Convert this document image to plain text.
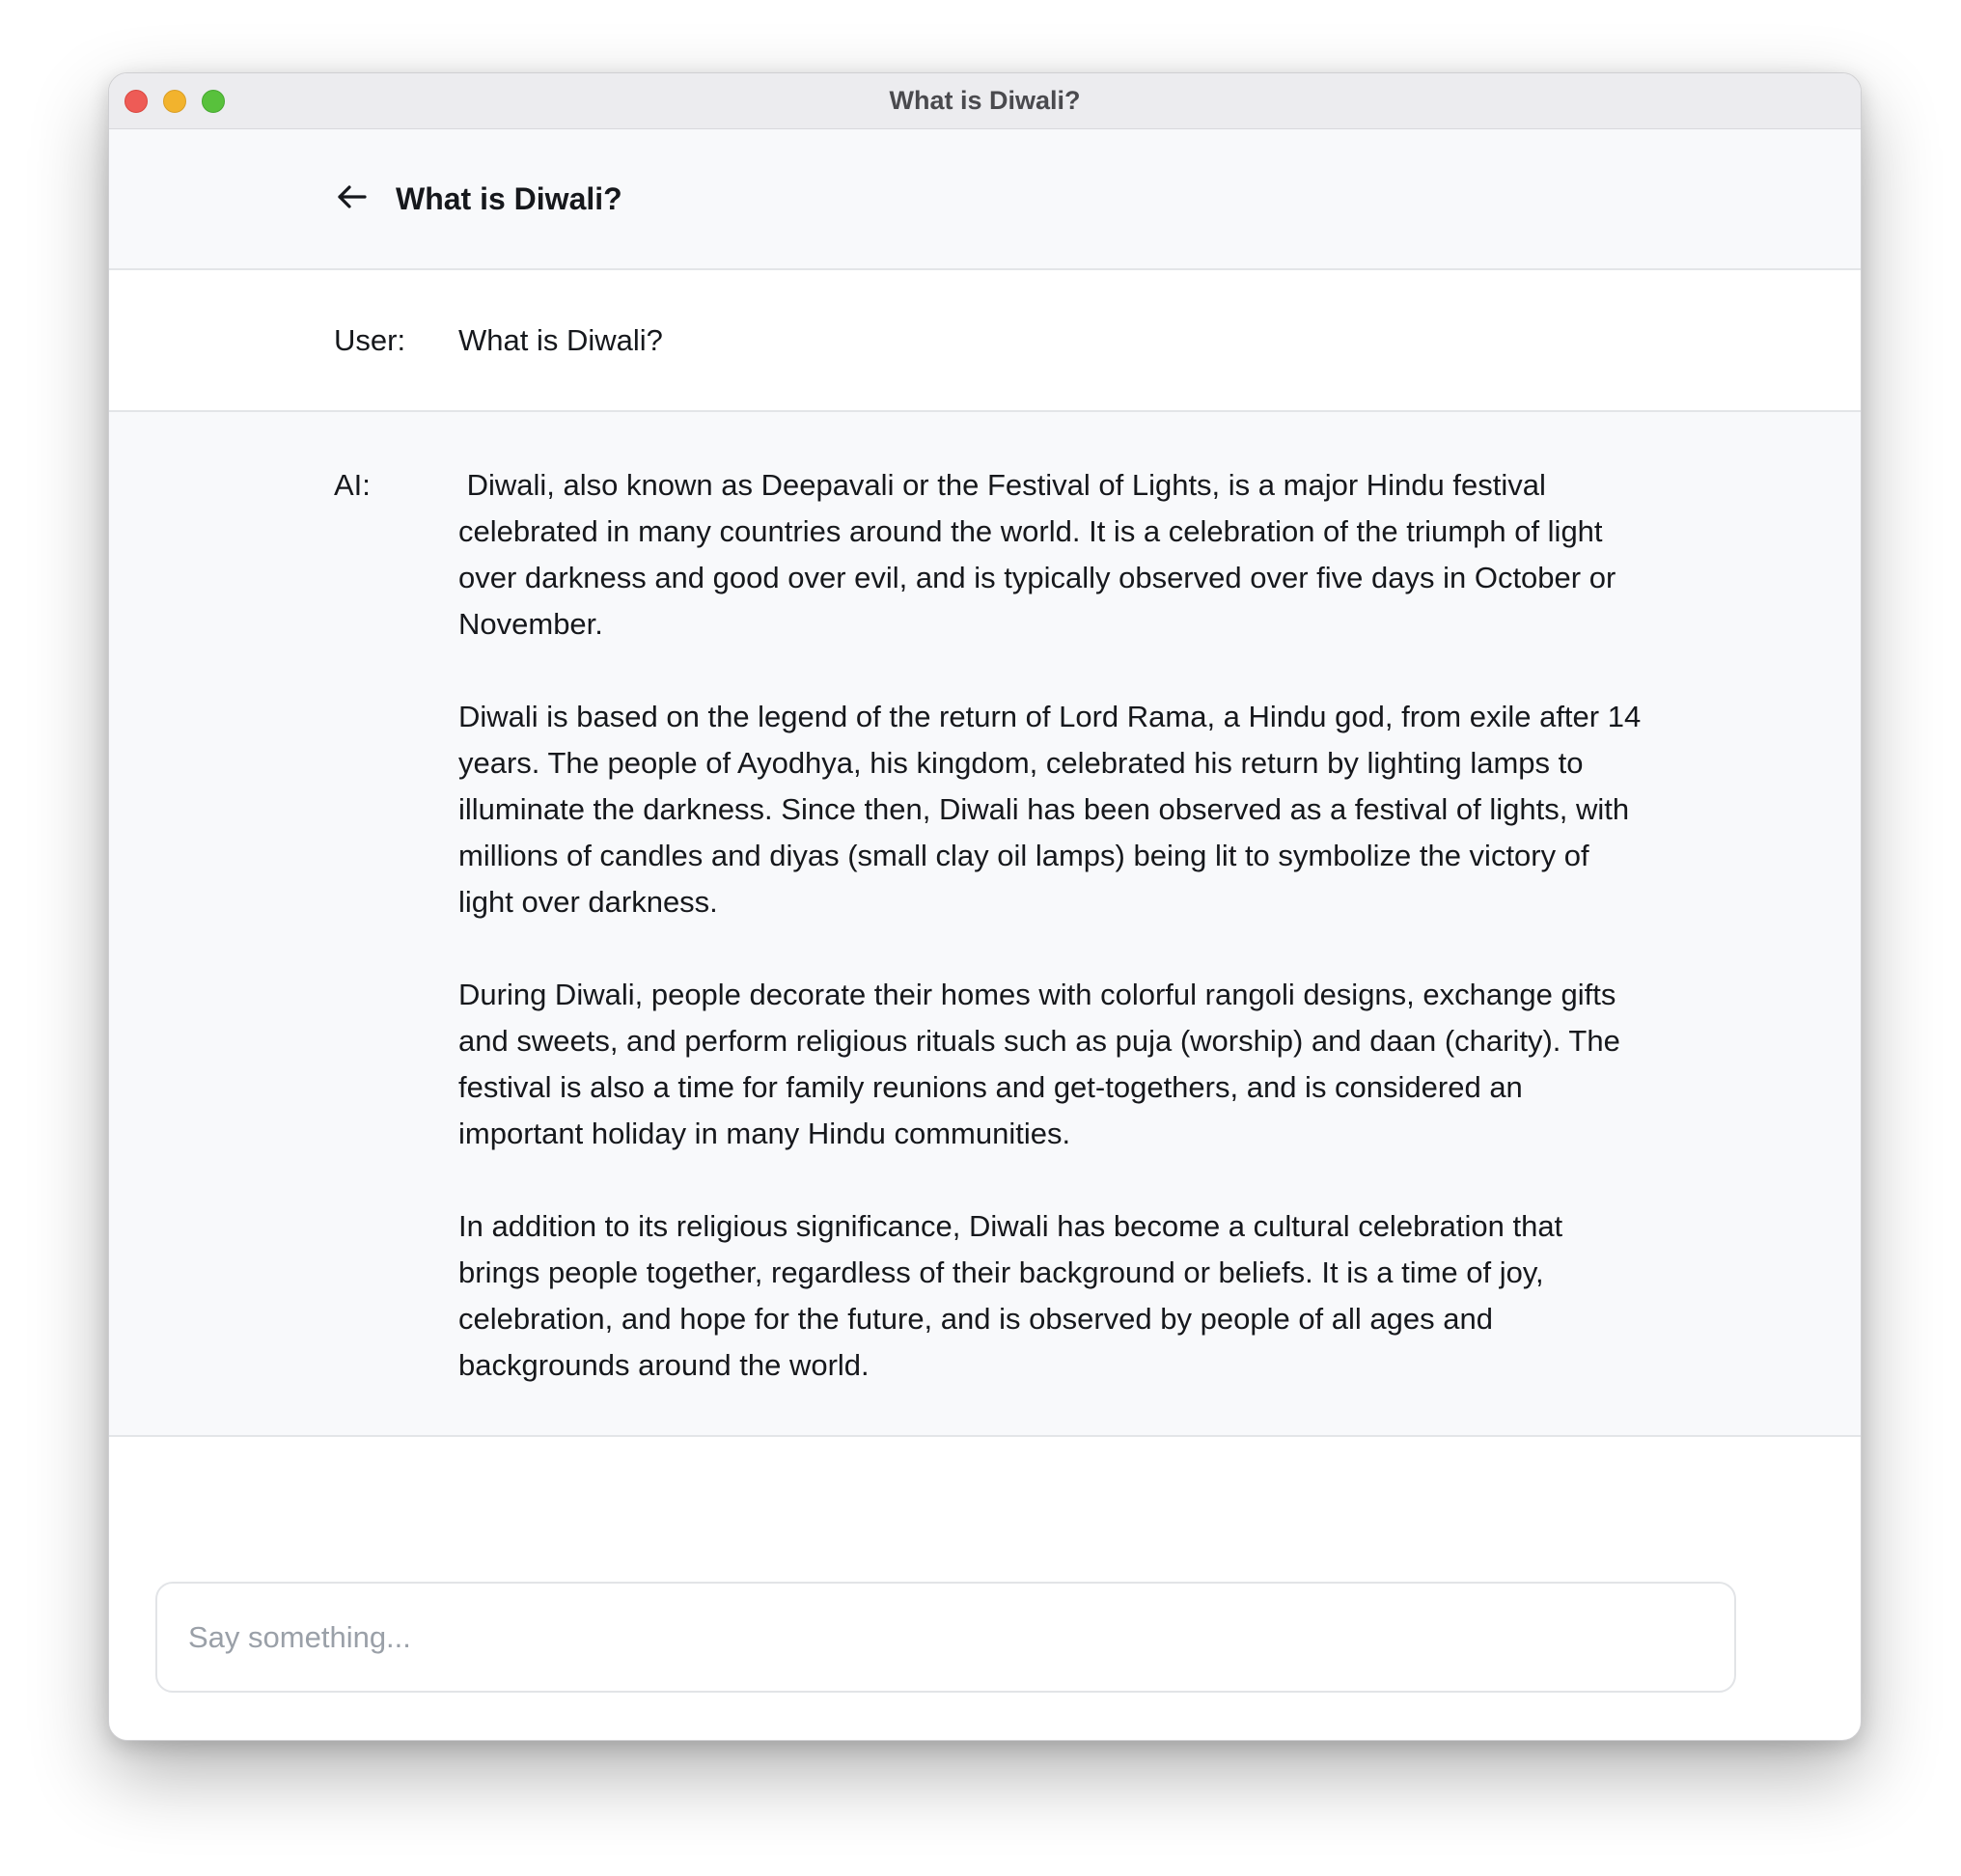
What is Diwali?
What is Diwali?
User: What is Diwali?
AI:	Diwali, also known as Deepavali or the Festival of Lights, is a major Hindu festival celebrated in many countries around the world. It is a celebration of the triumph of light over darkness and good over evil, and is typically observed over five days in October or November.

Diwali is based on the legend of the return of Lord Rama, a Hindu god, from exile after 14 years. The people of Ayodhya, his kingdom, celebrated his return by lighting lamps to illuminate the darkness. Since then, Diwali has been observed as a festival of lights, with millions of candles and diyas (small clay oil lamps) being lit to symbolize the victory of light over darkness.

During Diwali, people decorate their homes with colorful rangoli designs, exchange gifts and sweets, and perform religious rituals such as puja (worship) and daan (charity). The festival is also a time for family reunions and get-togethers, and is considered an important holiday in many Hindu communities.

In addition to its religious significance, Diwali has become a cultural celebration that brings people together, regardless of their background or beliefs. It is a time of joy, celebration, and hope for the future, and is observed by people of all ages and backgrounds around the world.

Say something...
